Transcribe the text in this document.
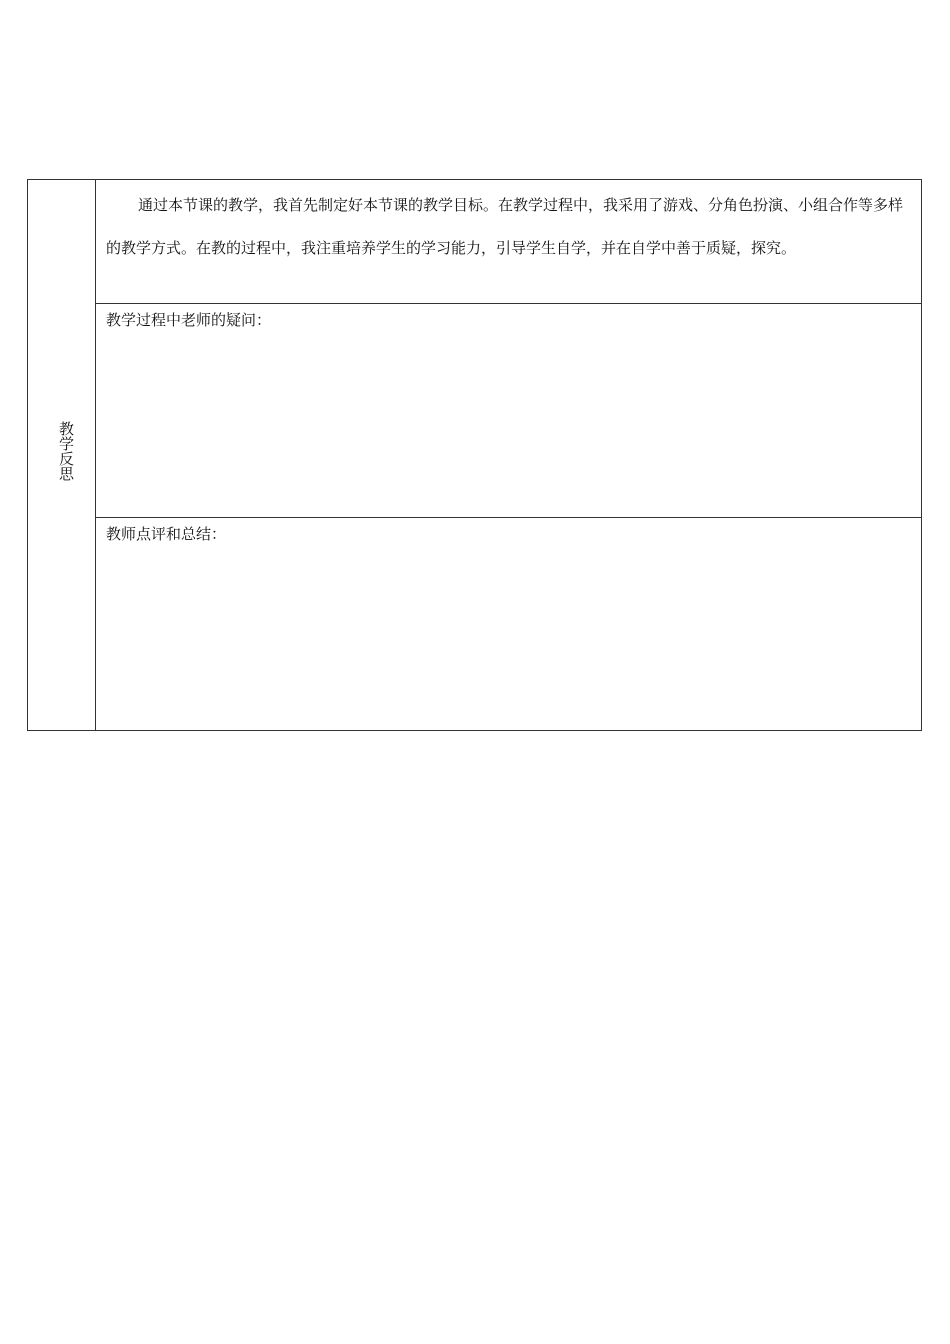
教学反思

通过本节课的教学，我首先制定好本节课的教学目标。在教学过程中，我采用了游戏、分角色扮演、小组合作等多样的教学方式。在教的过程中，我注重培养学生的学习能力，引导学生自学，并在自学中善于质疑，探究。

教学过程中老师的疑问：

教师点评和总结：
